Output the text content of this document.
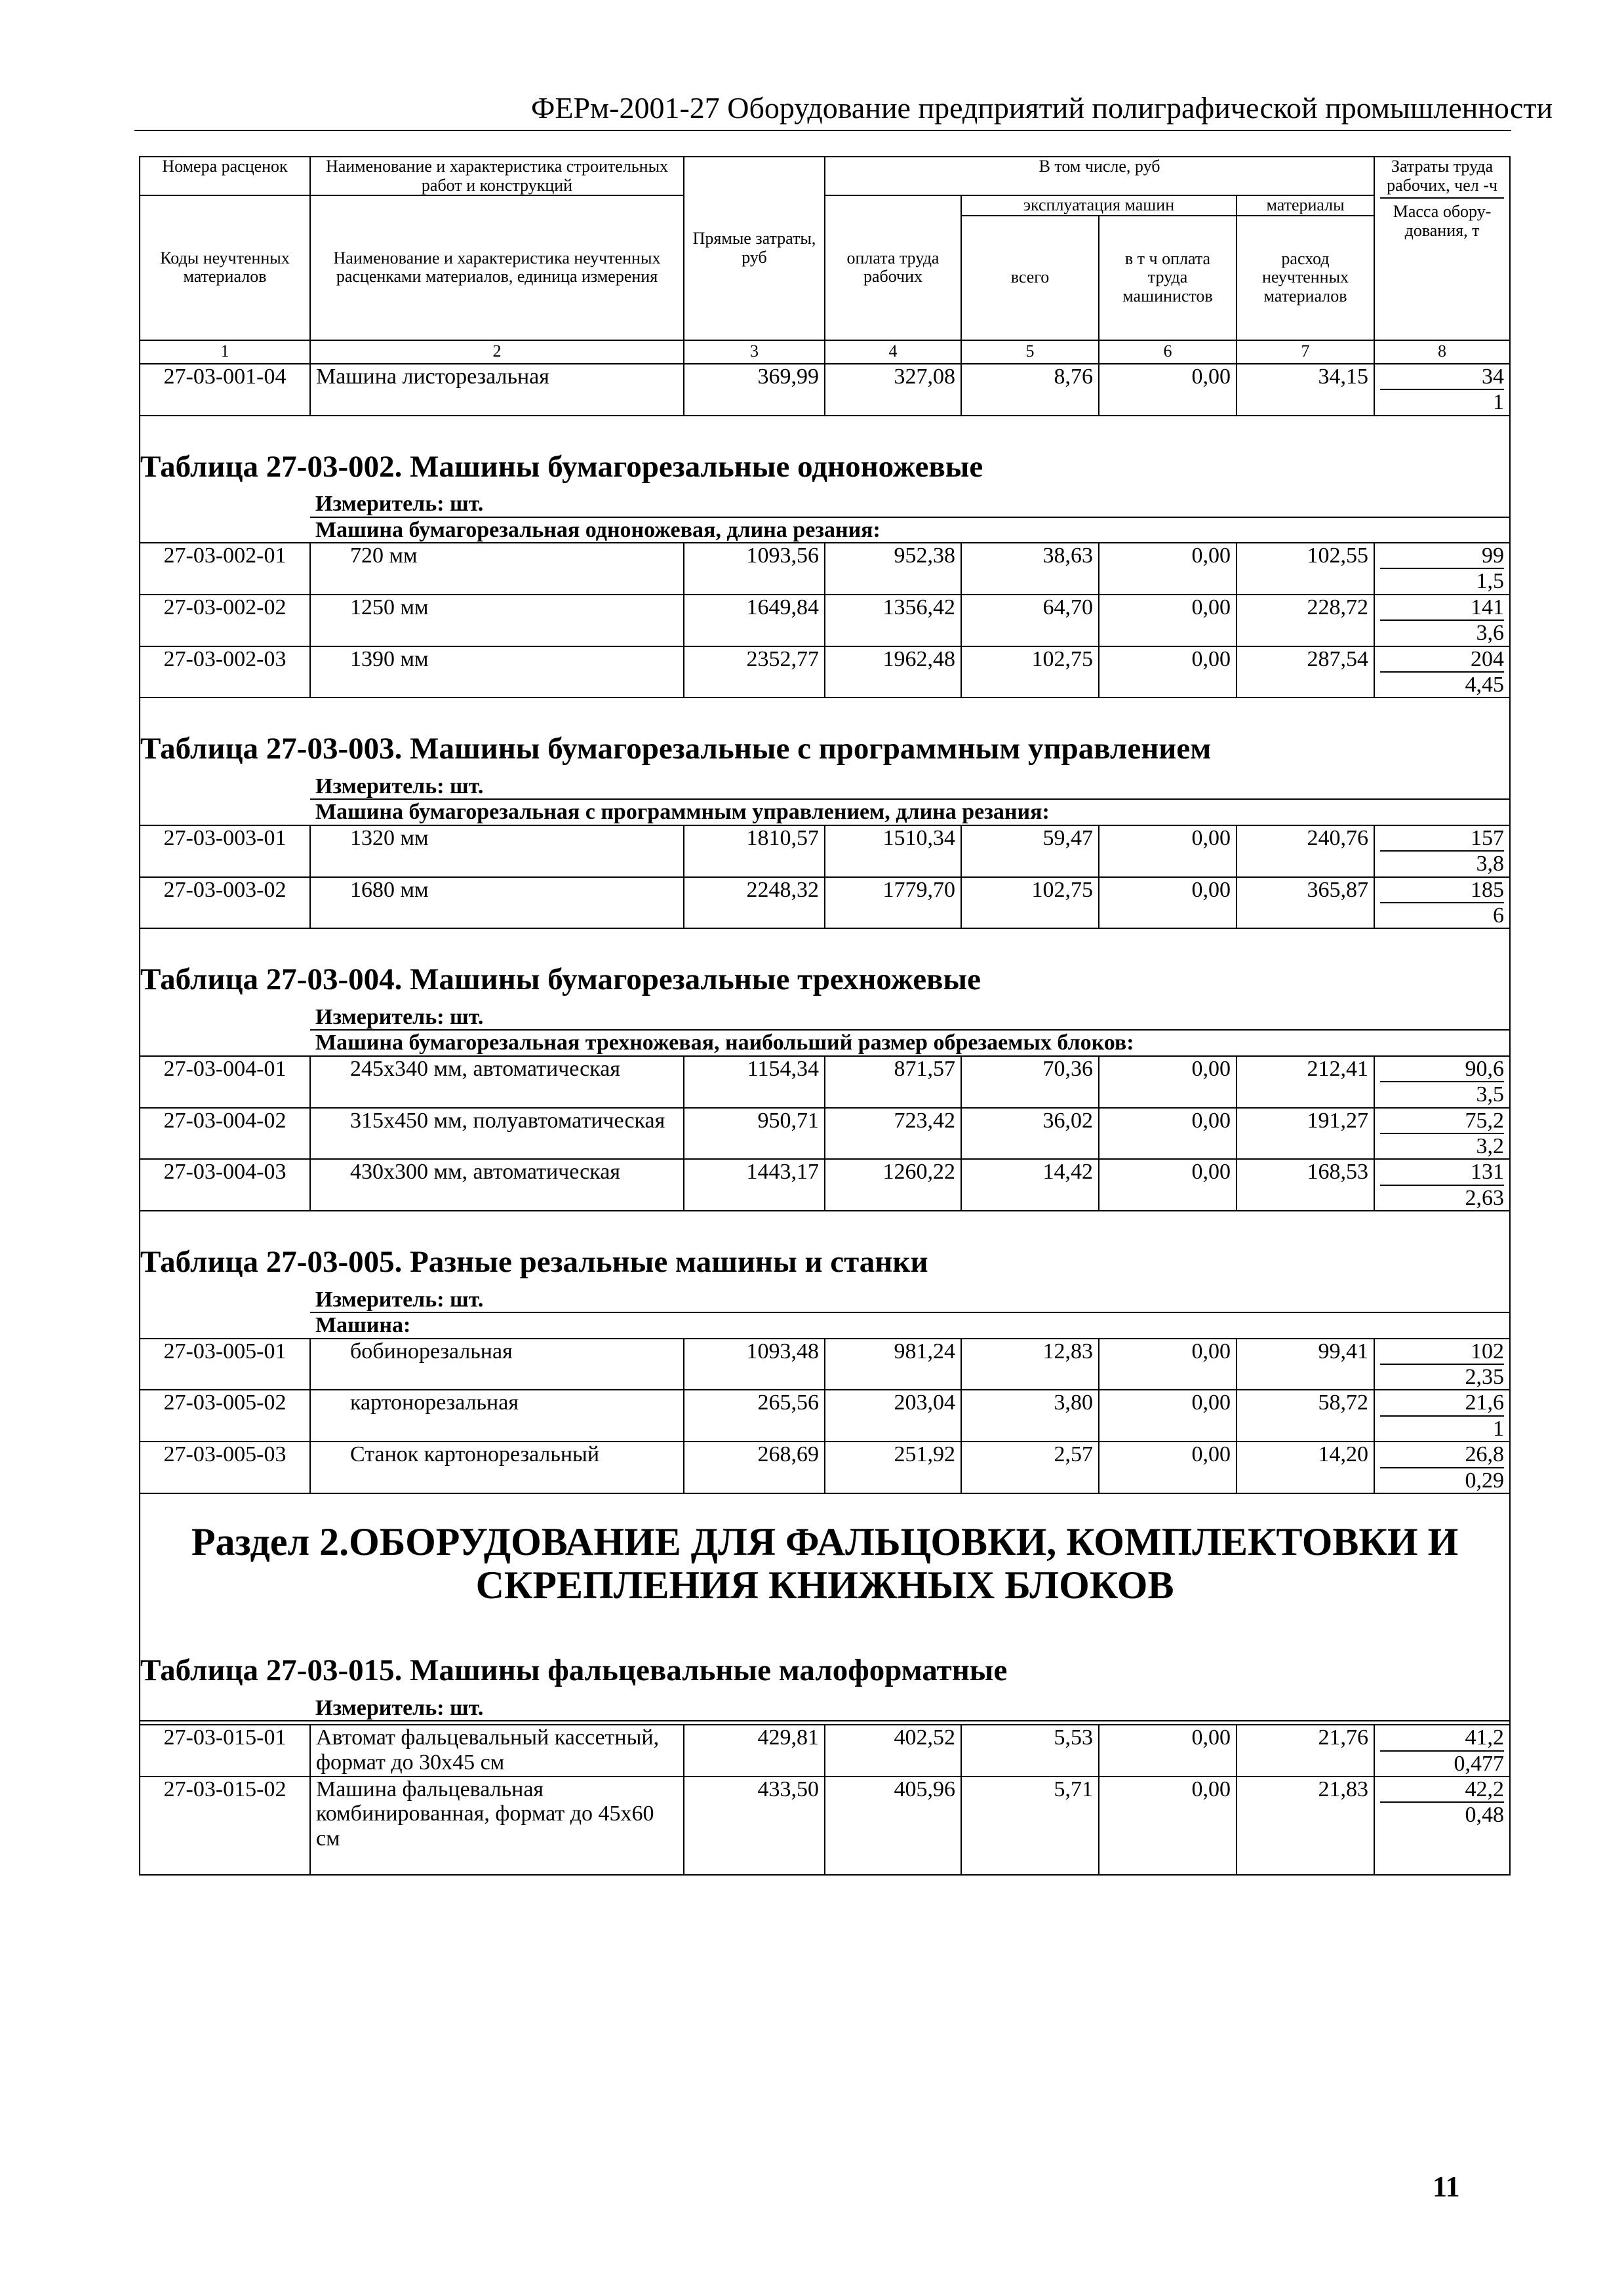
ФЕРм-2001-27 Оборудование предприятий полиграфической промышленности
Номера расценок	Наименование и характеристика строительных работ и конструкций	Прямые затраты, руб	В том числе, руб				Затраты труда рабочих, чел -ч
Масса обору-дования, т

Коды неучтенных материалов	Наименование и характеристика неучтенных расценками материалов, единица измерения		оплата труда рабочих	эксплуатация машин		материалы	
				всего	в т ч оплата труда машинистов	расход неучтенных материалов	
1	2	3	4	5	6	7	8
27-03-001-04	Машина листорезальная	369,99	327,08	8,76	0,00	34,15	34
1

Таблица 27-03-002. Машины бумагорезальные одноножевые							
	Измеритель: шт.						
	Машина бумагорезальная одноножевая, длина резания:						
27-03-002-01	720 мм	1093,56	952,38	38,63	0,00	102,55	99
1,5

27-03-002-02	1250 мм	1649,84	1356,42	64,70	0,00	228,72	141
3,6

27-03-002-03	1390 мм	2352,77	1962,48	102,75	0,00	287,54	204
4,45

Таблица 27-03-003. Машины бумагорезальные с программным управлением							
	Измеритель: шт.						
	Машина бумагорезальная с программным управлением, длина резания:						
27-03-003-01	1320 мм	1810,57	1510,34	59,47	0,00	240,76	157
3,8

27-03-003-02	1680 мм	2248,32	1779,70	102,75	0,00	365,87	185
6

Таблица 27-03-004. Машины бумагорезальные трехножевые							
	Измеритель: шт.						
	Машина бумагорезальная трехножевая, наибольший размер обрезаемых блоков:						
27-03-004-01	245x340 мм, автоматическая	1154,34	871,57	70,36	0,00	212,41	90,6
3,5

27-03-004-02	315x450 мм, полуавтоматическая	950,71	723,42	36,02	0,00	191,27	75,2
3,2

27-03-004-03	430x300 мм, автоматическая	1443,17	1260,22	14,42	0,00	168,53	131
2,63

Таблица 27-03-005. Разные резальные машины и станки							
	Измеритель: шт.						
	Машина:						
27-03-005-01	бобинорезальная	1093,48	981,24	12,83	0,00	99,41	102
2,35

27-03-005-02	картонорезальная	265,56	203,04	3,80	0,00	58,72	21,6
1

27-03-005-03	Станок картонорезальный	268,69	251,92	2,57	0,00	14,20	26,8
0,29

Раздел 2.ОБОРУДОВАНИЕ ДЛЯ ФАЛЬЦОВКИ, КОМПЛЕКТОВКИ И СКРЕПЛЕНИЯ КНИЖНЫХ БЛОКОВ							
Таблица 27-03-015. Машины фальцевальные малоформатные							
	Измеритель: шт.						

27-03-015-01	Автомат фальцевальный кассетный, формат до 30x45 см	429,81	402,52	5,53	0,00	21,76	41,2
0,477

27-03-015-02	Машина фальцевальная комбинированная, формат до 45x60 см	433,50	405,96	5,71	0,00	21,83	42,2
0,48
11
